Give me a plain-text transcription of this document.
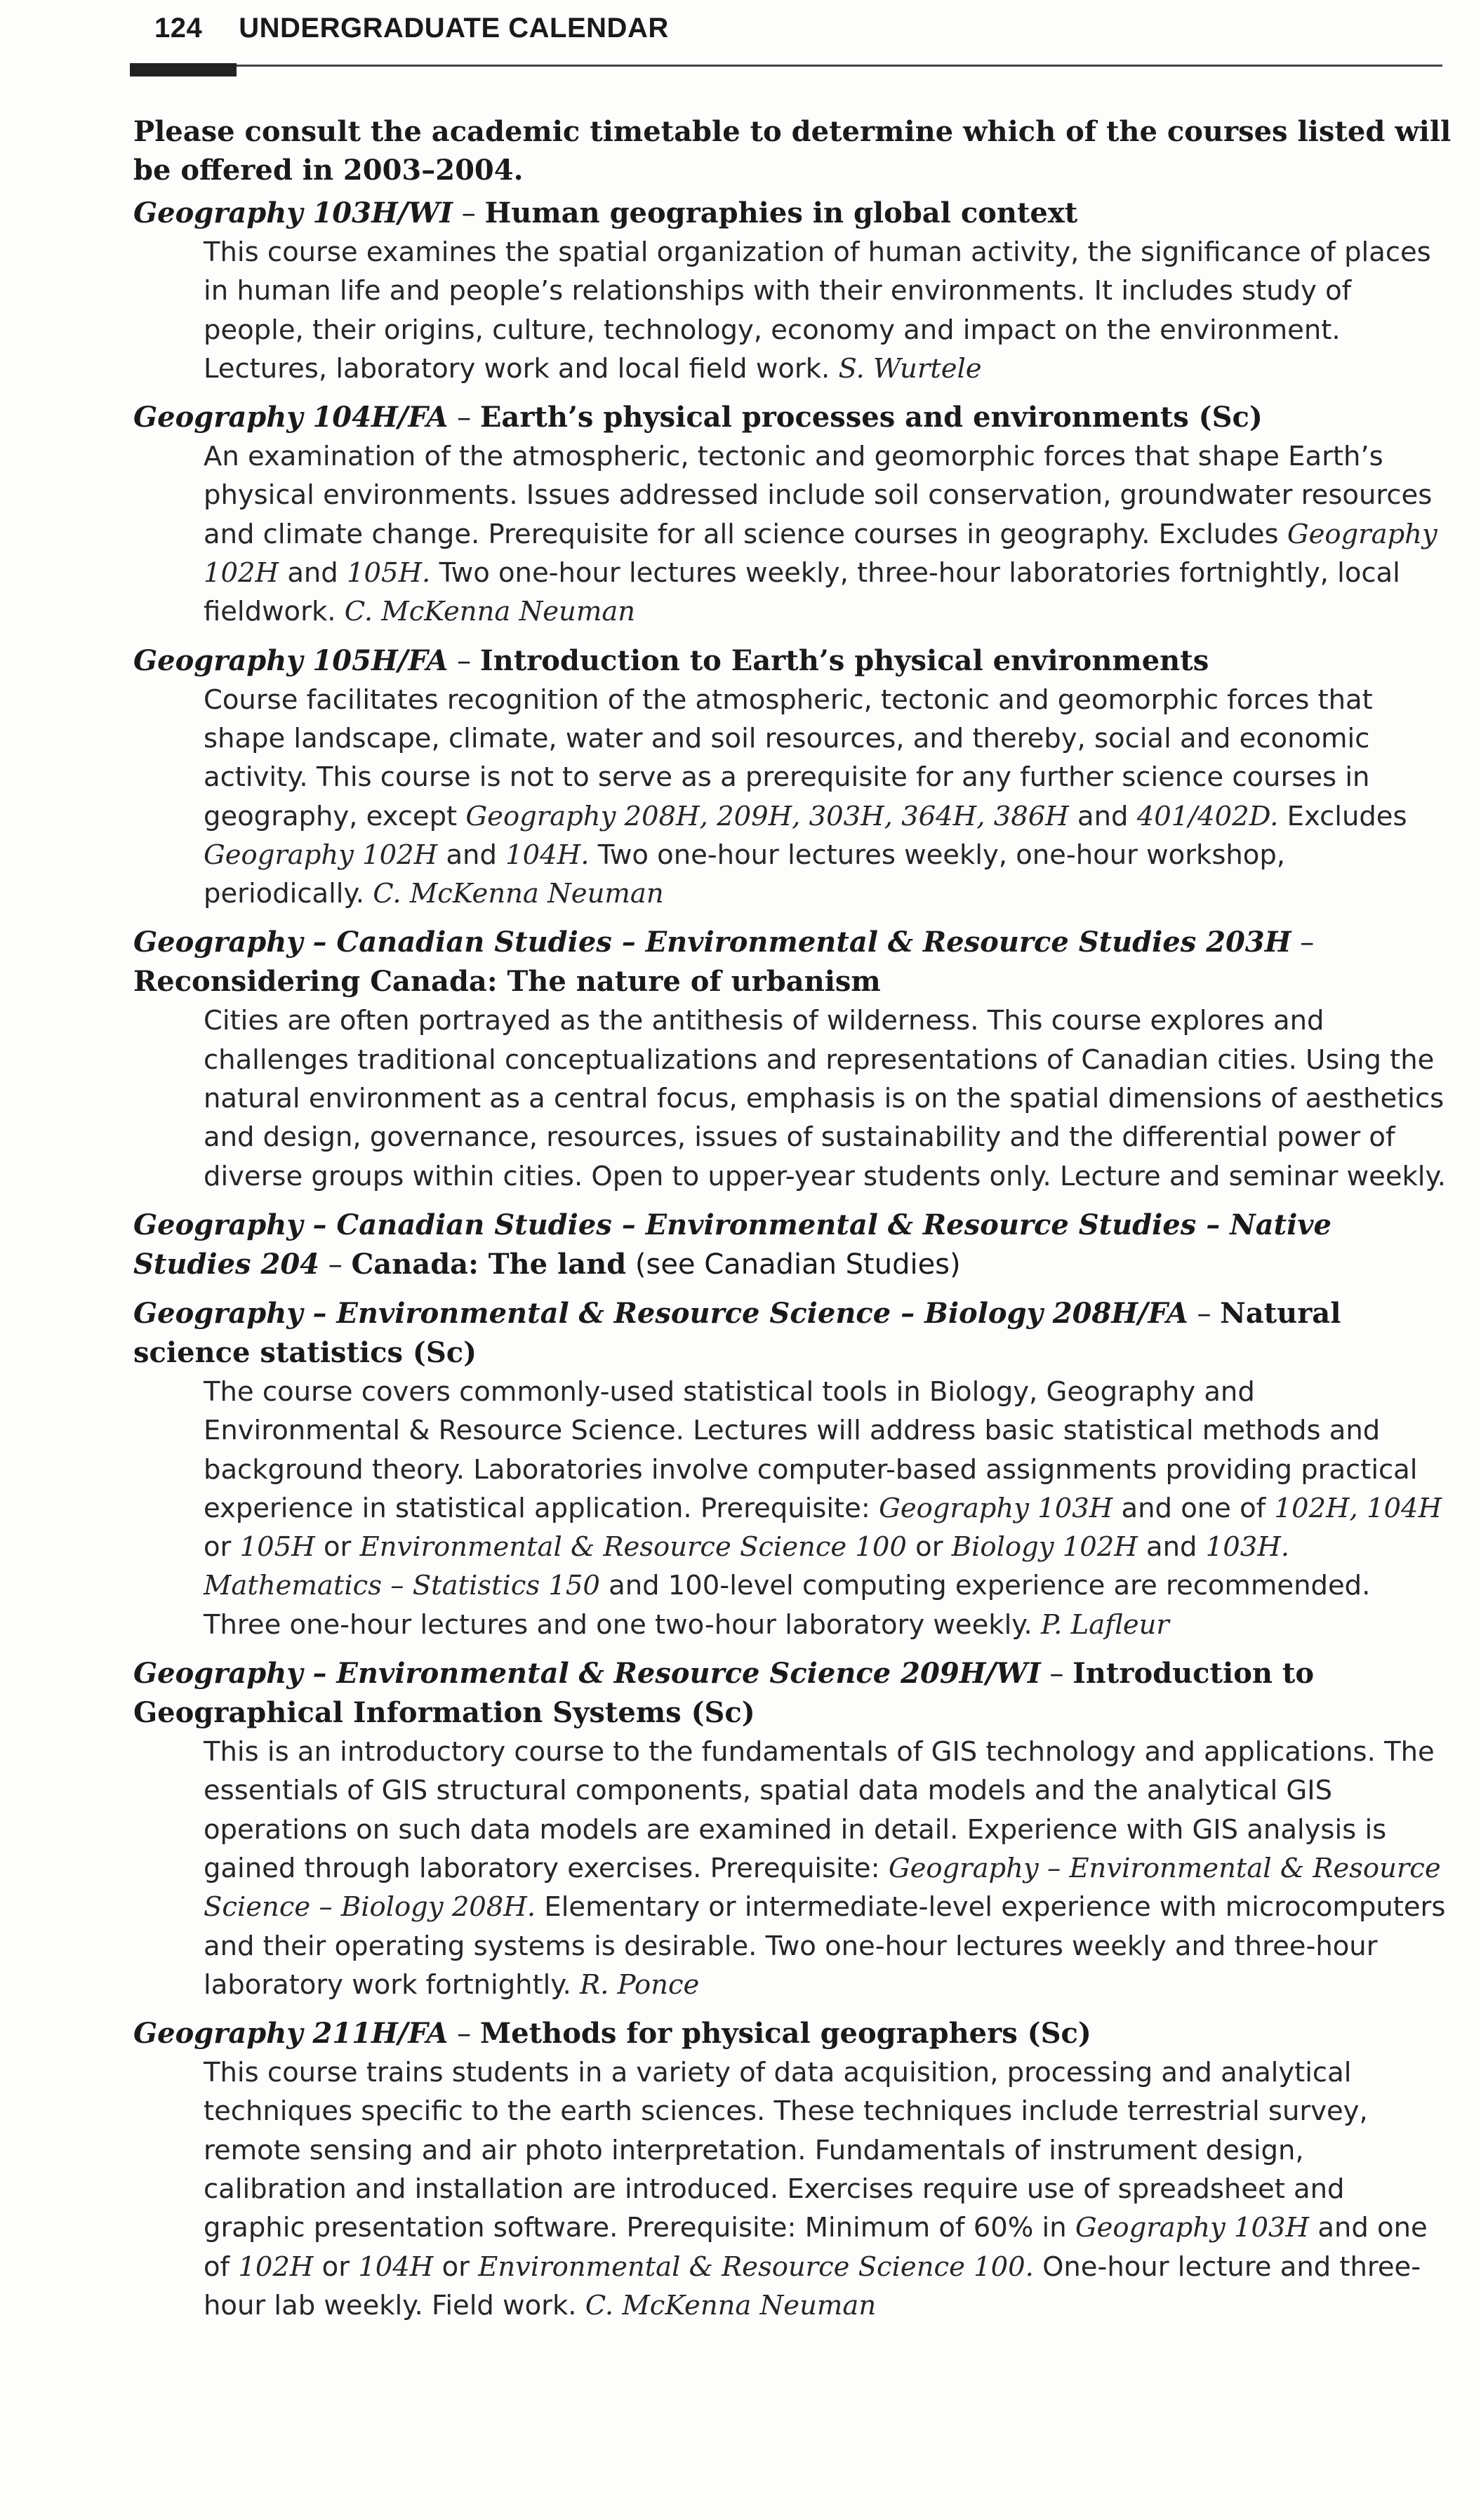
124 UNDERGRADUATE CALENDAR

Please consult the academic timetable to determine which of the courses listed will be offered in 2003–2004.

Geography 103H/WI – Human geographies in global context
This course examines the spatial organization of human activity, the significance of places in human life and people’s relationships with their environments. It includes study of people, their origins, culture, technology, economy and impact on the environment. Lectures, laboratory work and local field work. S. Wurtele
Geography 104H/FA – Earth’s physical processes and environments (Sc)
An examination of the atmospheric, tectonic and geomorphic forces that shape Earth’s physical environments. Issues addressed include soil conservation, groundwater resources and climate change. Prerequisite for all science courses in geography. Excludes Geography 102H and 105H. Two one-hour lectures weekly, three-hour laboratories fortnightly, local fieldwork. C. McKenna Neuman
Geography 105H/FA – Introduction to Earth’s physical environments
Course facilitates recognition of the atmospheric, tectonic and geomorphic forces that shape landscape, climate, water and soil resources, and thereby, social and economic activity. This course is not to serve as a prerequisite for any further science courses in geography, except Geography 208H, 209H, 303H, 364H, 386H and 401/402D. Excludes Geography 102H and 104H. Two one-hour lectures weekly, one-hour workshop, periodically. C. McKenna Neuman
Geography – Canadian Studies – Environmental & Resource Studies 203H – Reconsidering Canada: The nature of urbanism
Cities are often portrayed as the antithesis of wilderness. This course explores and challenges traditional conceptualizations and representations of Canadian cities. Using the natural environment as a central focus, emphasis is on the spatial dimensions of aesthetics and design, governance, resources, issues of sustainability and the differential power of diverse groups within cities. Open to upper-year students only. Lecture and seminar weekly.
Geography – Canadian Studies – Environmental & Resource Studies – Native Studies 204 – Canada: The land (see Canadian Studies)
Geography – Environmental & Resource Science – Biology 208H/FA – Natural science statistics (Sc)
The course covers commonly-used statistical tools in Biology, Geography and Environmental & Resource Science. Lectures will address basic statistical methods and background theory. Laboratories involve computer-based assignments providing practical experience in statistical application. Prerequisite: Geography 103H and one of 102H, 104H or 105H or Environmental & Resource Science 100 or Biology 102H and 103H. Mathematics – Statistics 150 and 100-level computing experience are recommended. Three one-hour lectures and one two-hour laboratory weekly. P. Lafleur
Geography – Environmental & Resource Science 209H/WI – Introduction to Geographical Information Systems (Sc)
This is an introductory course to the fundamentals of GIS technology and applications. The essentials of GIS structural components, spatial data models and the analytical GIS operations on such data models are examined in detail. Experience with GIS analysis is gained through laboratory exercises. Prerequisite: Geography – Environmental & Resource Science – Biology 208H. Elementary or intermediate-level experience with microcomputers and their operating systems is desirable. Two one-hour lectures weekly and three-hour laboratory work fortnightly. R. Ponce
Geography 211H/FA – Methods for physical geographers (Sc)
This course trains students in a variety of data acquisition, processing and analytical techniques specific to the earth sciences. These techniques include terrestrial survey, remote sensing and air photo interpretation. Fundamentals of instrument design, calibration and installation are introduced. Exercises require use of spreadsheet and graphic presentation software. Prerequisite: Minimum of 60% in Geography 103H and one of 102H or 104H or Environmental & Resource Science 100. One-hour lecture and three-hour lab weekly. Field work. C. McKenna Neuman
